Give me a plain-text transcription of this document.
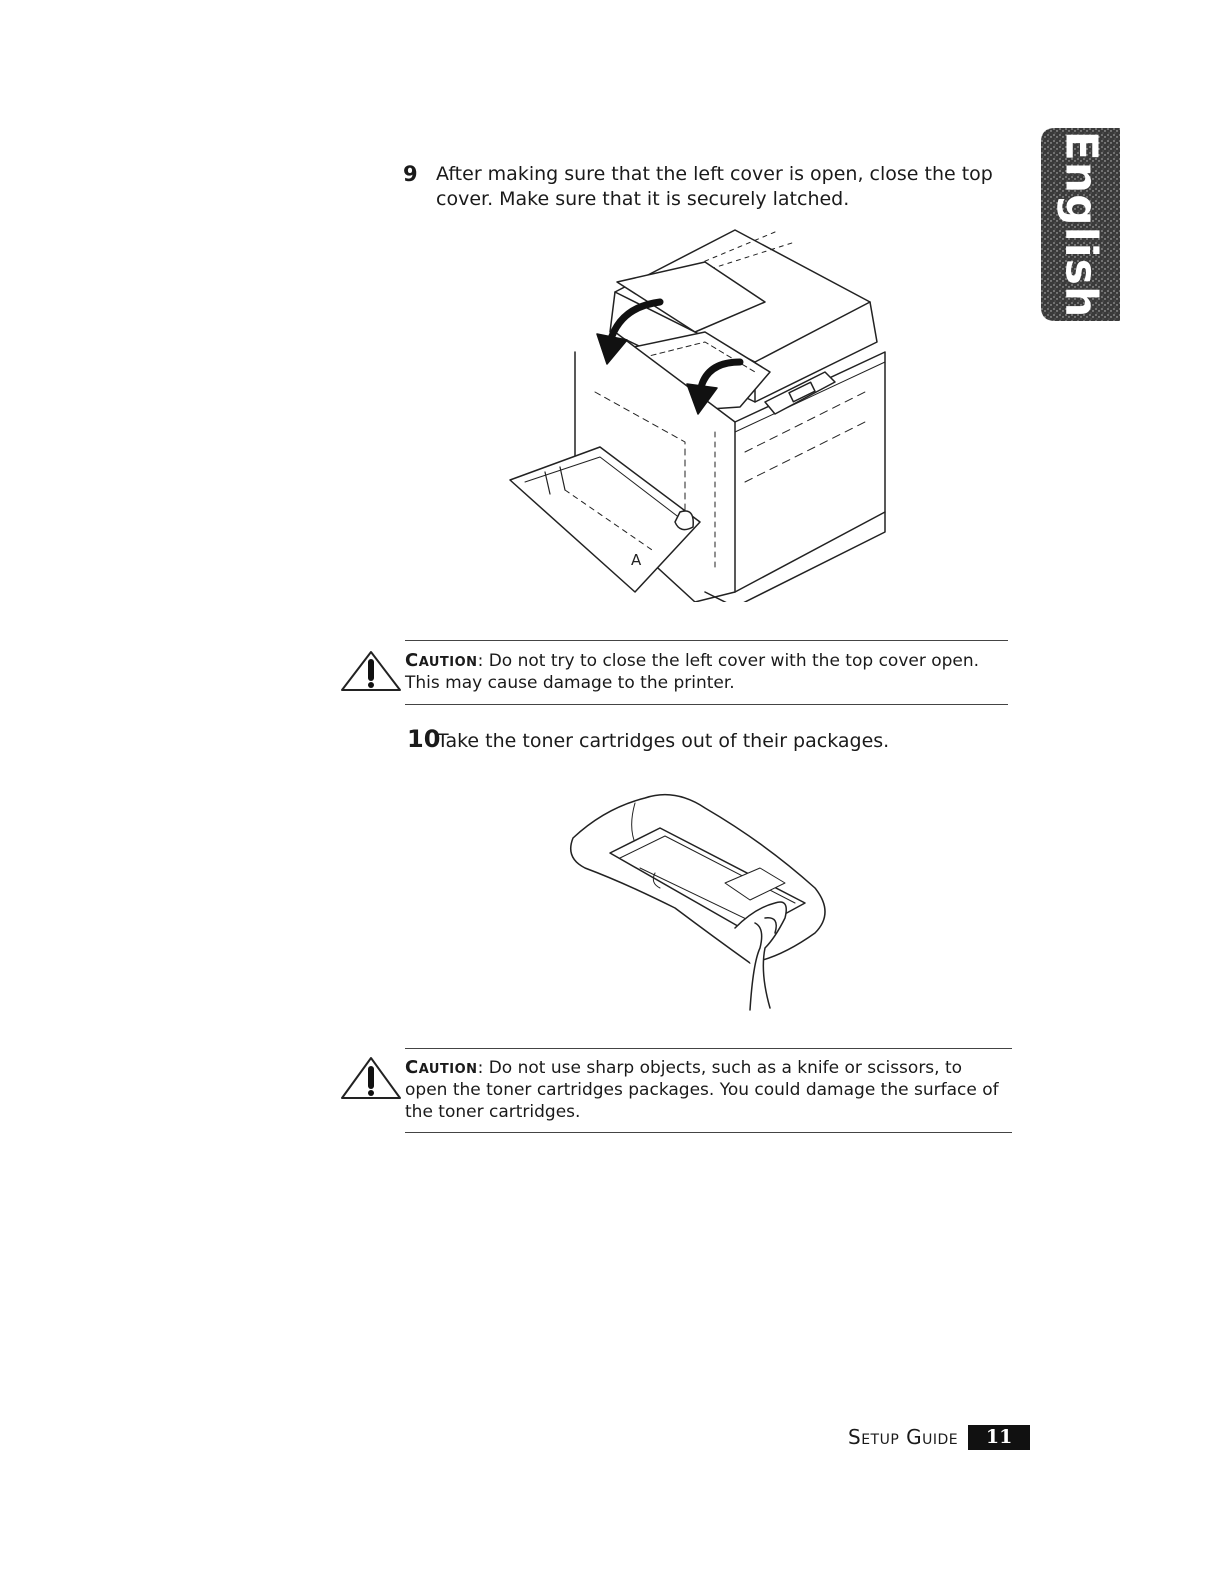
English
9 After making sure that the left cover is open, close the top cover. Make sure that it is securely latched.
A
Caution: Do not try to close the left cover with the top cover open. This may cause damage to the printer.
10
Take the toner cartridges out of their packages.
Caution: Do not use sharp objects, such as a knife or scissors, to open the toner cartridges packages. You could damage the surface of the toner cartridges.
Setup Guide	11
